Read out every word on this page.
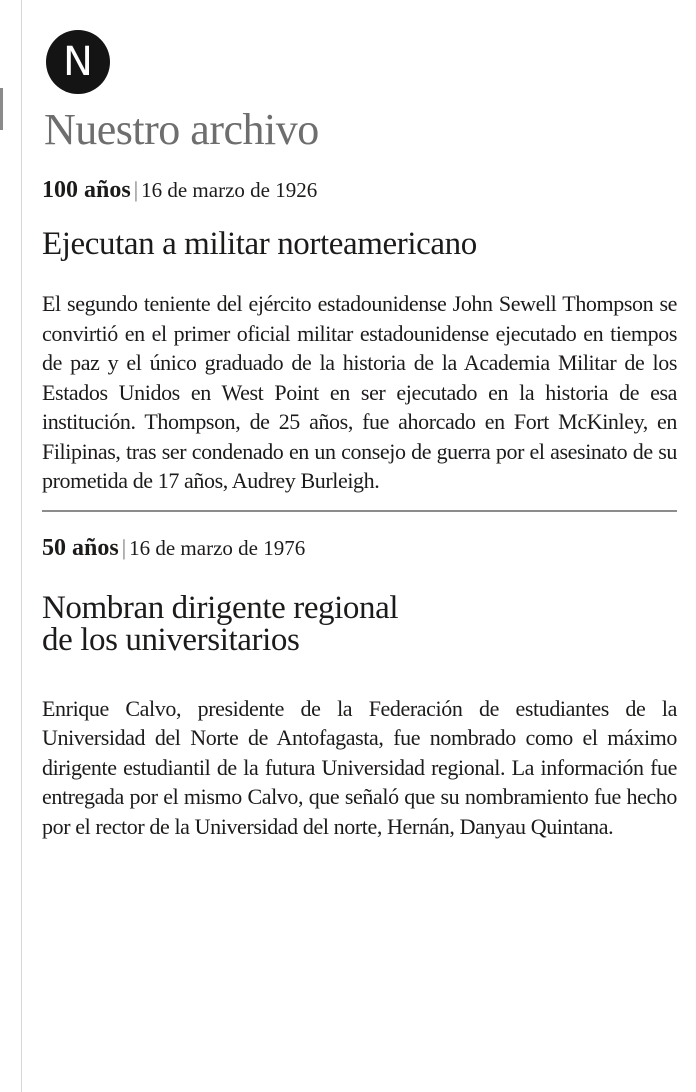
N
Nuestro archivo
100 años | 16 de marzo de 1926
Ejecutan a militar norteamericano
El segundo teniente del ejército estadounidense John Sewell Thompson se convirtió en el primer oficial militar estadounidense ejecutado en tiempos de paz y el único graduado de la historia de la Academia Militar de los Estados Unidos en West Point en ser ejecutado en la historia de esa institución. Thompson, de 25 años, fue ahorcado en Fort McKinley, en Filipinas, tras ser condenado en un consejo de guerra por el asesinato de su prometida de 17 años, Audrey Burleigh.
50 años | 16 de marzo de 1976
Nombran dirigente regional
de los universitarios
Enrique Calvo, presidente de la Federación de estudiantes de la Universidad del Norte de Antofagasta, fue nombrado como el máximo dirigente estudiantil de la futura Universidad regional. La información fue entregada por el mismo Calvo, que señaló que su nombramiento fue hecho por el rector de la Universidad del norte, Hernán, Danyau Quintana.
